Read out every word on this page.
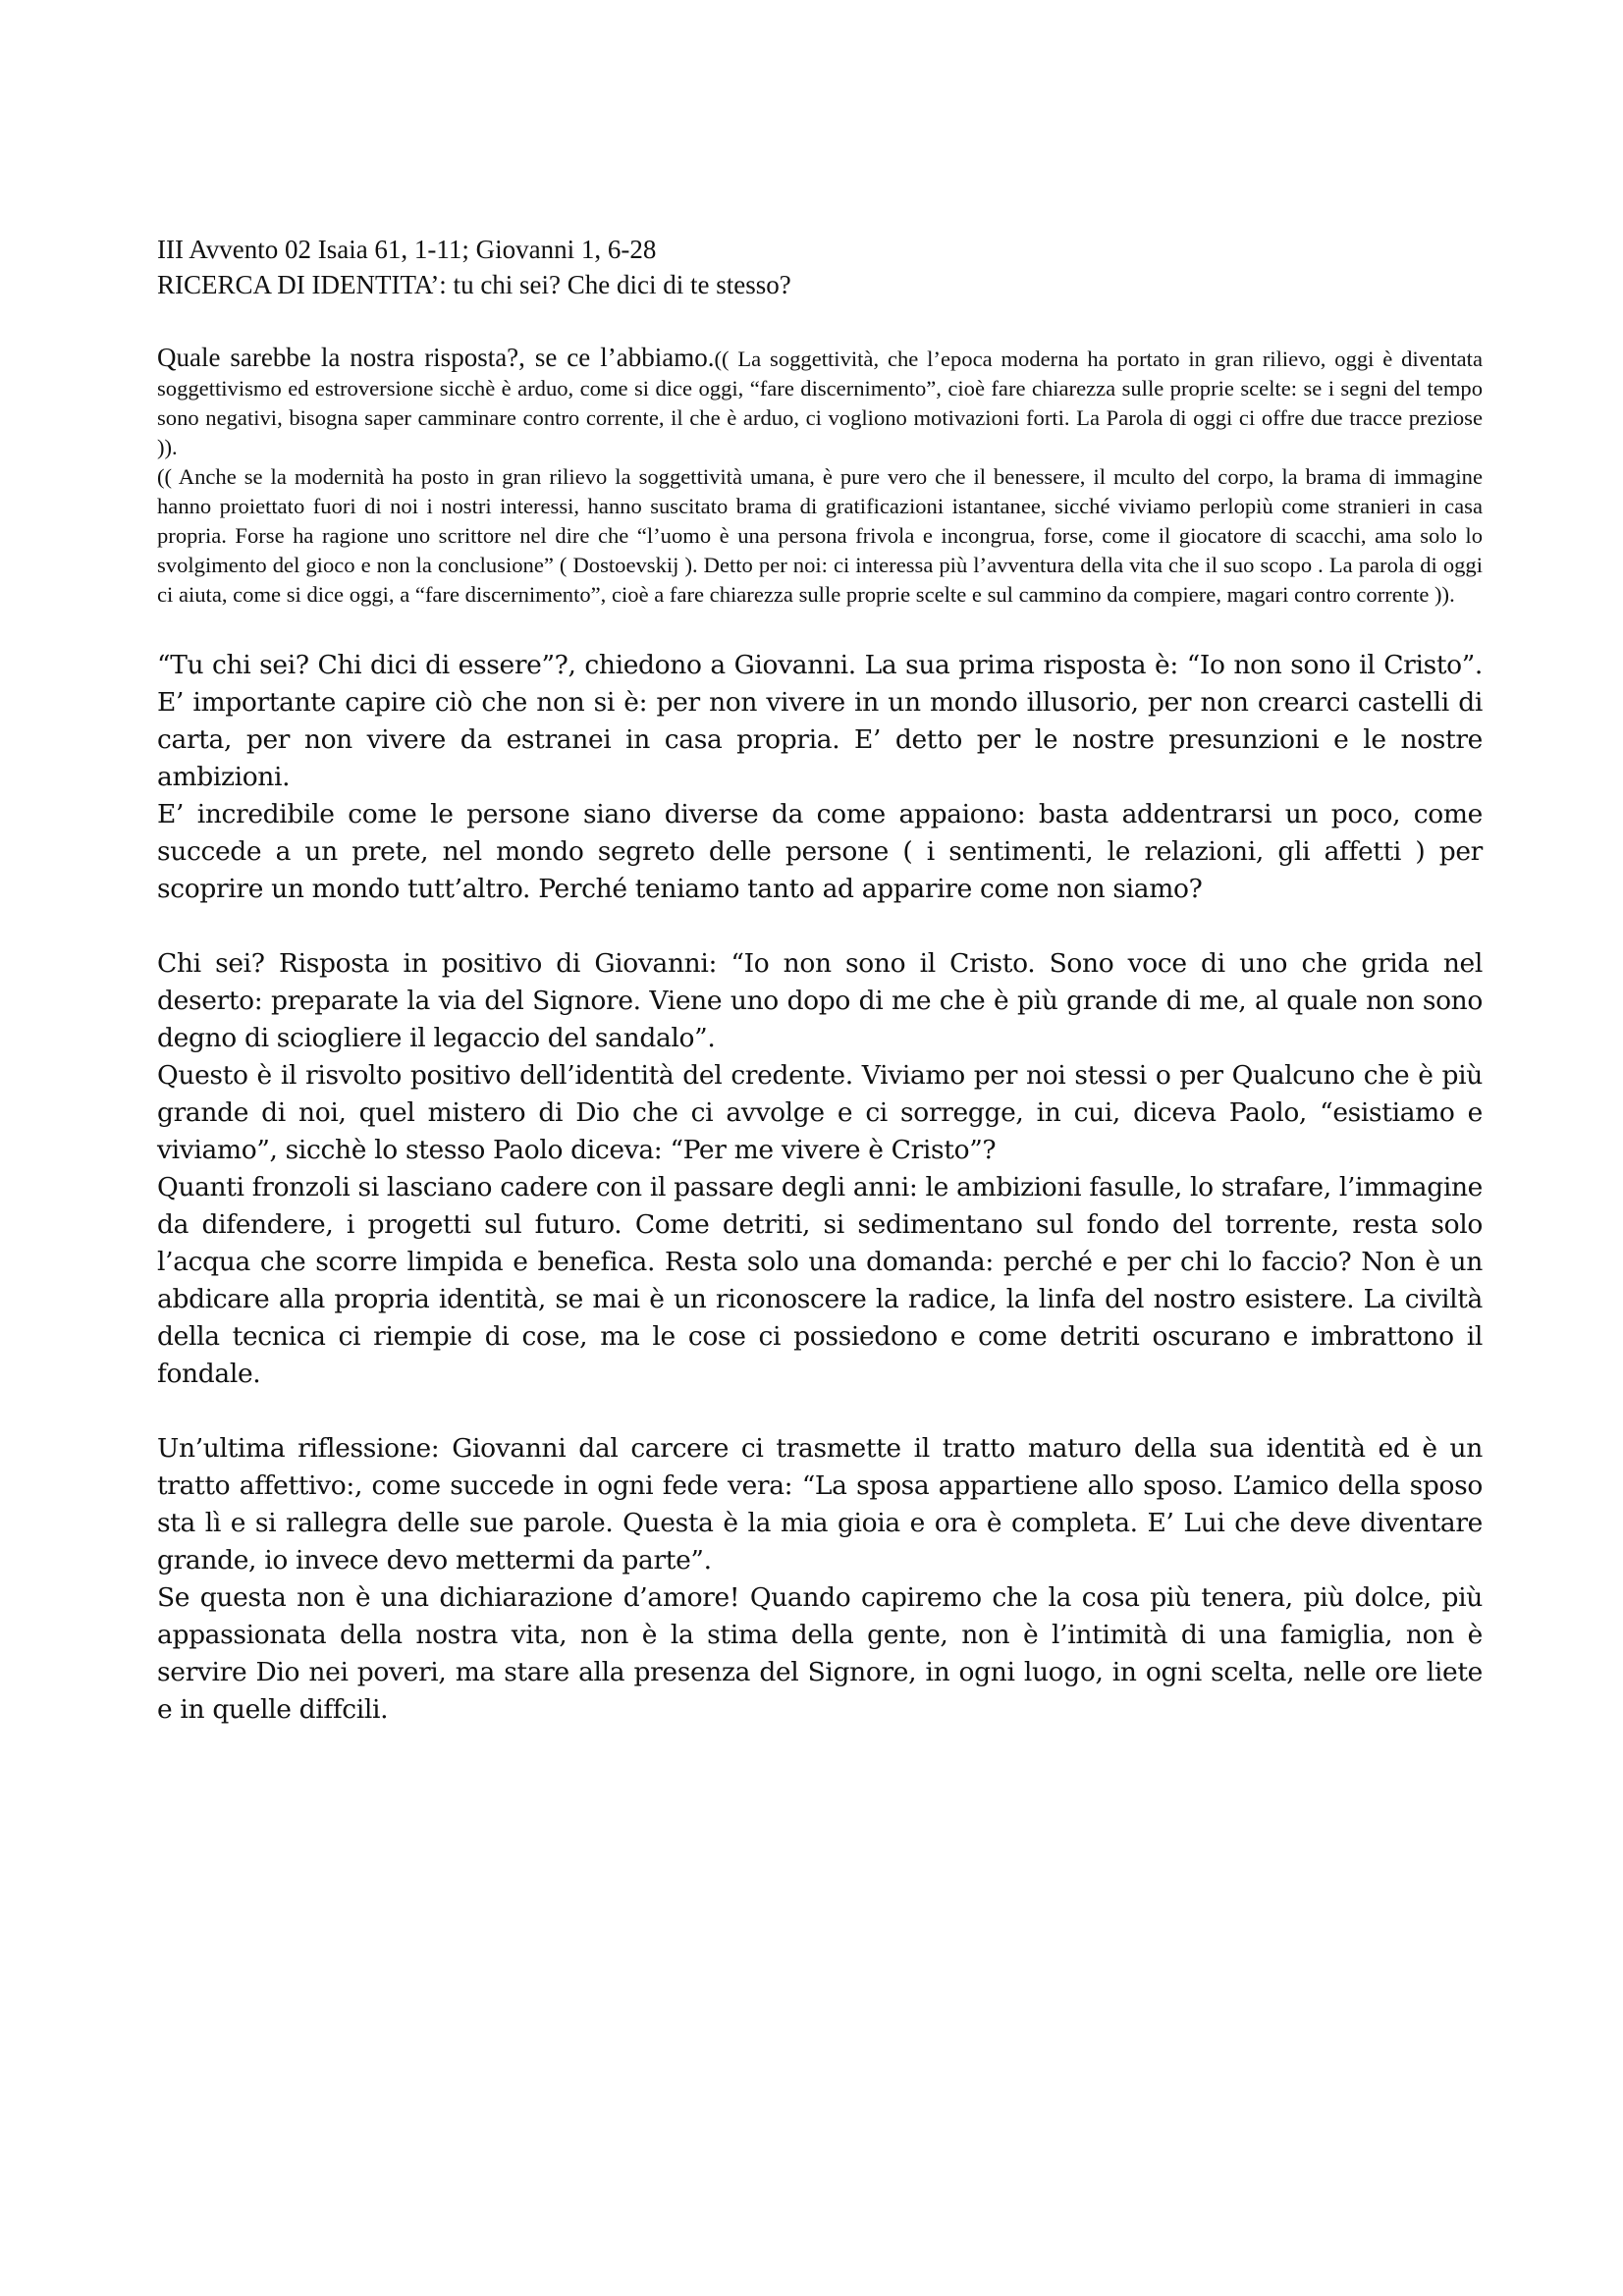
III Avvento 02 Isaia 61, 1-11; Giovanni 1, 6-28

RICERCA DI IDENTITA’: tu chi sei? Che dici di te stesso?

Quale sarebbe la nostra risposta?, se ce l’abbiamo.(( La soggettività, che l’epoca moderna ha portato in gran rilievo, oggi è diventata soggettivismo ed estroversione sicchè è arduo, come si dice oggi, “fare discernimento”, cioè fare chiarezza sulle proprie scelte: se i segni del tempo sono negativi, bisogna saper camminare contro corrente, il che è arduo, ci vogliono motivazioni forti. La Parola di oggi ci offre due tracce preziose )).

(( Anche se la modernità ha posto in gran rilievo la soggettività umana, è pure vero che il benessere, il mculto del corpo, la brama di immagine hanno proiettato fuori di noi i nostri interessi, hanno suscitato brama di gratificazioni istantanee, sicché viviamo perlopiù come stranieri in casa propria. Forse ha ragione uno scrittore nel dire che “l’uomo è una persona frivola e incongrua, forse, come il giocatore di scacchi, ama solo lo svolgimento del gioco e non la conclusione” ( Dostoevskij ). Detto per noi: ci interessa più l’avventura della vita che il suo scopo . La parola di oggi ci aiuta, come si dice oggi, a “fare discernimento”, cioè a fare chiarezza sulle proprie scelte e sul cammino da compiere, magari contro corrente )).

“Tu chi sei? Chi dici di essere”?, chiedono a Giovanni. La sua prima risposta è: “Io non sono il Cristo”. E’ importante capire ciò che non si è: per non vivere in un mondo illusorio, per non crearci castelli di carta, per non vivere da estranei in casa propria. E’ detto per le nostre presunzioni e le nostre ambizioni.

E’ incredibile come le persone siano diverse da come appaiono: basta addentrarsi un poco, come succede a un prete, nel mondo segreto delle persone ( i sentimenti, le relazioni, gli affetti ) per scoprire un mondo tutt’altro. Perché teniamo tanto ad apparire come non siamo?

Chi sei? Risposta in positivo di Giovanni: “Io non sono il Cristo. Sono voce di uno che grida nel deserto: preparate la via del Signore. Viene uno dopo di me che è più grande di me, al quale non sono degno di sciogliere il legaccio del sandalo”.

Questo è il risvolto positivo dell’identità del credente. Viviamo per noi stessi o per Qualcuno che è più grande di noi, quel mistero di Dio che ci avvolge e ci sorregge, in cui, diceva Paolo, “esistiamo e viviamo”, sicchè lo stesso Paolo diceva: “Per me vivere è Cristo”?

Quanti fronzoli si lasciano cadere con il passare degli anni: le ambizioni fasulle, lo strafare, l’immagine da difendere, i progetti sul futuro. Come detriti, si sedimentano sul fondo del torrente, resta solo l’acqua che scorre limpida e benefica. Resta solo una domanda: perché e per chi lo faccio? Non è un abdicare alla propria identità, se mai è un riconoscere la radice, la linfa del nostro esistere. La civiltà della tecnica ci riempie di cose, ma le cose ci possiedono e come detriti oscurano e imbrattono il fondale.

Un’ultima riflessione: Giovanni dal carcere ci trasmette il tratto maturo della sua identità ed è un tratto affettivo:, come succede in ogni fede vera: “La sposa appartiene allo sposo. L’amico della sposo sta lì e si rallegra delle sue parole. Questa è la mia gioia e ora è completa. E’ Lui che deve diventare grande, io invece devo mettermi da parte”.

Se questa non è una dichiarazione d’amore! Quando capiremo che la cosa più tenera, più dolce, più appassionata della nostra vita, non è la stima della gente, non è l’intimità di una famiglia, non è servire Dio nei poveri, ma stare alla presenza del Signore, in ogni luogo, in ogni scelta, nelle ore liete e in quelle diffcili.
